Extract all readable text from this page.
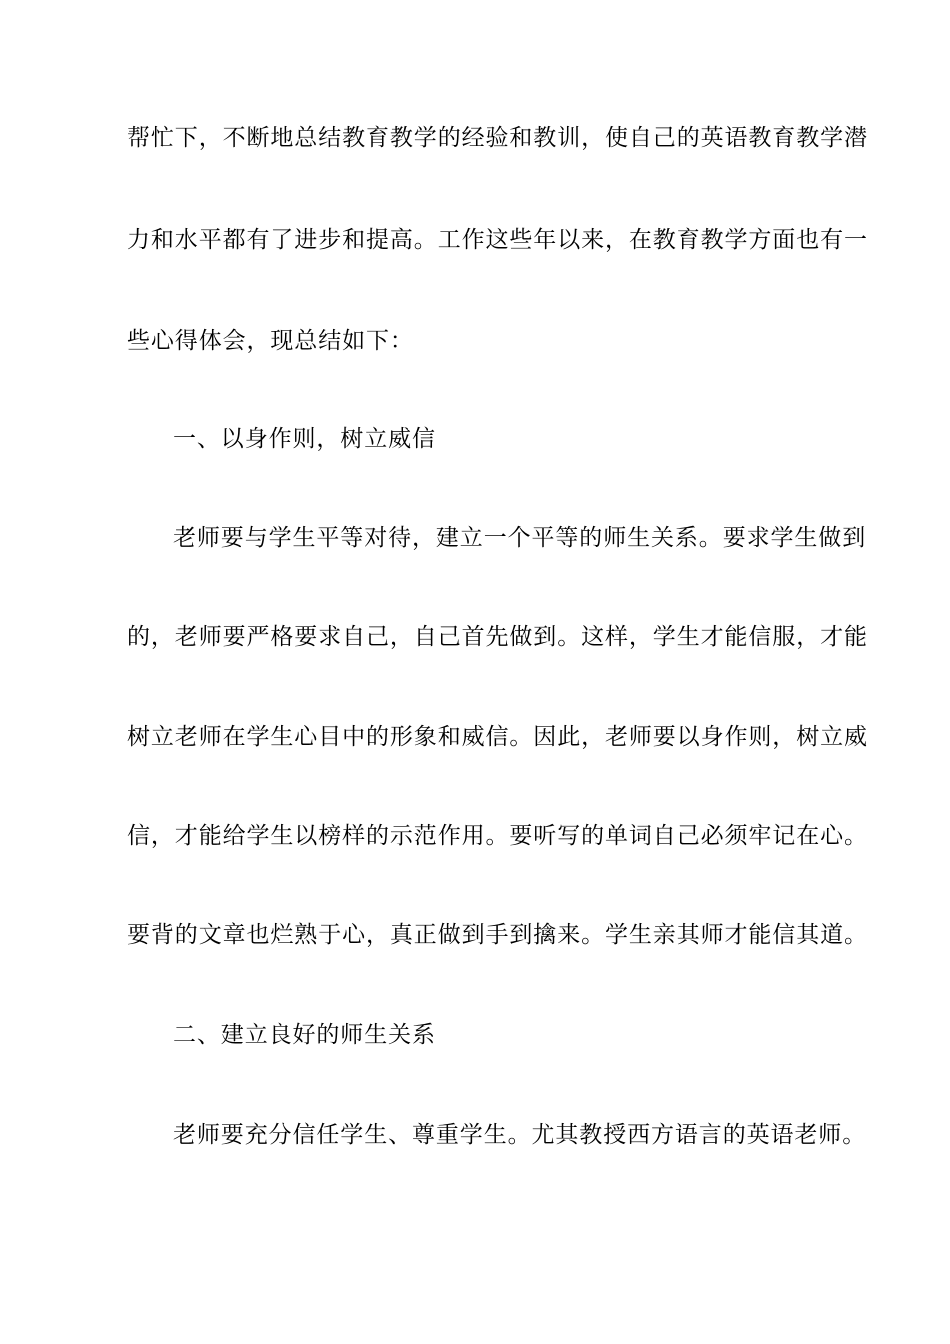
帮忙下，不断地总结教育教学的经验和教训，使自己的英语教育教学潜
力和水平都有了进步和提高。工作这些年以来，在教育教学方面也有一
些心得体会，现总结如下：
一、以身作则，树立威信
老师要与学生平等对待，建立一个平等的师生关系。要求学生做到
的，老师要严格要求自己，自己首先做到。这样，学生才能信服，才能
树立老师在学生心目中的形象和威信。因此，老师要以身作则，树立威
信，才能给学生以榜样的示范作用。要听写的单词自己必须牢记在心。
要背的文章也烂熟于心，真正做到手到擒来。学生亲其师才能信其道。
二、建立良好的师生关系
老师要充分信任学生、尊重学生。尤其教授西方语言的英语老师。
